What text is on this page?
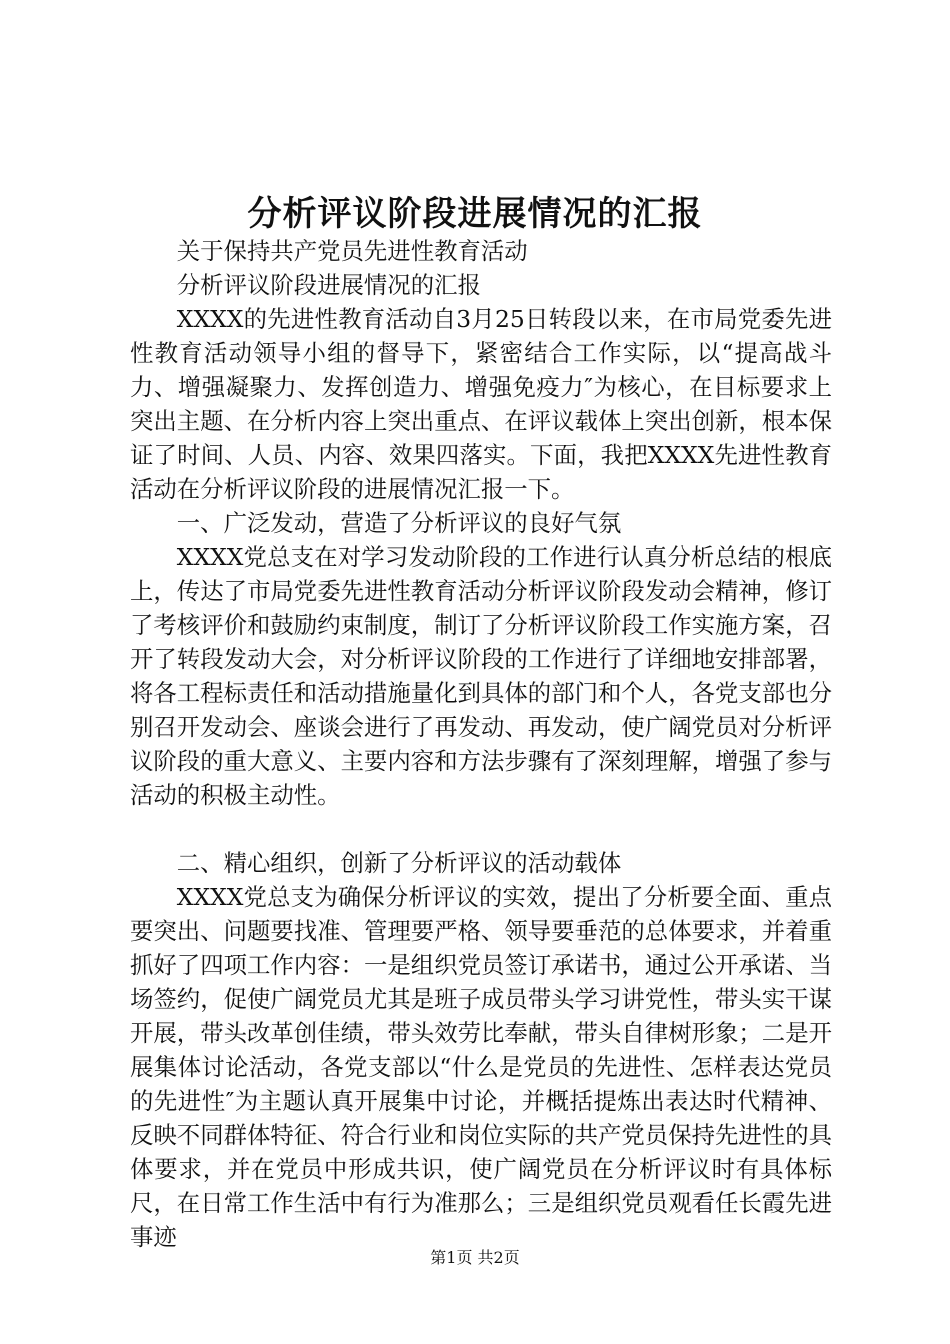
分析评议阶段进展情况的汇报

关于保持共产党员先进性教育活动

分析评议阶段进展情况的汇报

XXXX的先进性教育活动自3月25日转段以来，在市局党委先进性教育活动领导小组的督导下，紧密结合工作实际，以“提高战斗力、增强凝聚力、发挥创造力、增强免疫力″为核心，在目标要求上突出主题、在分析内容上突出重点、在评议载体上突出创新，根本保证了时间、人员、内容、效果四落实。下面，我把XXXX先进性教育活动在分析评议阶段的进展情况汇报一下。

一、广泛发动，营造了分析评议的良好气氛

XXXX党总支在对学习发动阶段的工作进行认真分析总结的根底上，传达了市局党委先进性教育活动分析评议阶段发动会精神，修订了考核评价和鼓励约束制度，制订了分析评议阶段工作实施方案，召开了转段发动大会，对分析评议阶段的工作进行了详细地安排部署，将各工程标责任和活动措施量化到具体的部门和个人，各党支部也分别召开发动会、座谈会进行了再发动、再发动，使广阔党员对分析评议阶段的重大意义、主要内容和方法步骤有了深刻理解，增强了参与活动的积极主动性。

二、精心组织，创新了分析评议的活动载体

XXXX党总支为确保分析评议的实效，提出了分析要全面、重点要突出、问题要找准、管理要严格、领导要垂范的总体要求，并着重抓好了四项工作内容：一是组织党员签订承诺书，通过公开承诺、当场签约，促使广阔党员尤其是班子成员带头学习讲党性，带头实干谋开展，带头改革创佳绩，带头效劳比奉献，带头自律树形象；二是开展集体讨论活动，各党支部以“什么是党员的先进性、怎样表达党员的先进性″为主题认真开展集中讨论，并概括提炼出表达时代精神、反映不同群体特征、符合行业和岗位实际的共产党员保持先进性的具体要求，并在党员中形成共识，使广阔党员在分析评议时有具体标尺，在日常工作生活中有行为准那么；三是组织党员观看任长霞先进事迹

第1页 共2页
